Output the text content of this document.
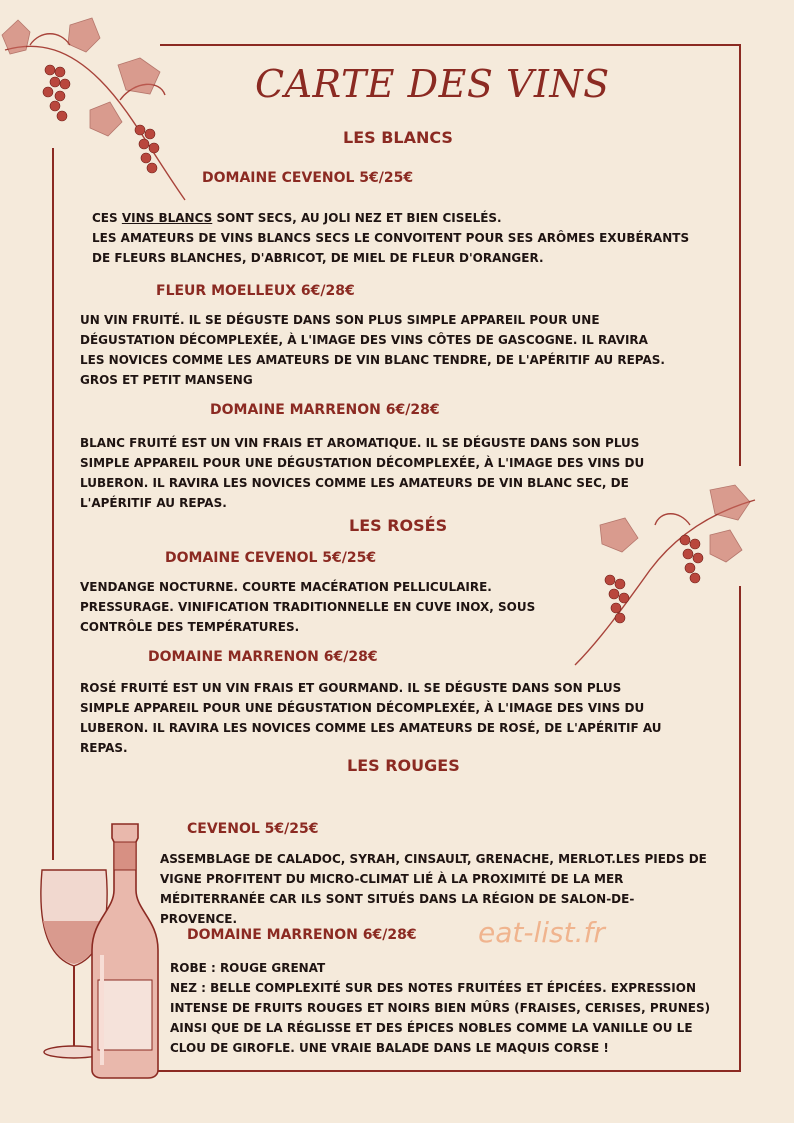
CARTE DES VINS
LES BLANCS
DOMAINE CEVENOL 5€/25€
CES VINS BLANCS SONT SECS, AU JOLI NEZ ET BIEN CISELÉS.
LES AMATEURS DE VINS BLANCS SECS LE CONVOITENT POUR SES ARÔMES EXUBÉRANTS
DE FLEURS BLANCHES, D'ABRICOT, DE MIEL DE FLEUR D'ORANGER.
FLEUR MOELLEUX 6€/28€
UN VIN FRUITÉ. IL SE DÉGUSTE DANS SON PLUS SIMPLE APPAREIL POUR UNE
DÉGUSTATION DÉCOMPLEXÉE, À L'IMAGE DES VINS CÔTES DE GASCOGNE. IL RAVIRA
LES NOVICES COMME LES AMATEURS DE VIN BLANC TENDRE, DE L'APÉRITIF AU REPAS.
GROS ET PETIT MANSENG
DOMAINE MARRENON 6€/28€
BLANC FRUITÉ EST UN VIN FRAIS ET AROMATIQUE. IL SE DÉGUSTE DANS SON PLUS
SIMPLE APPAREIL POUR UNE DÉGUSTATION DÉCOMPLEXÉE, À L'IMAGE DES VINS DU
LUBERON. IL RAVIRA LES NOVICES COMME LES AMATEURS DE VIN BLANC SEC, DE
L'APÉRITIF AU REPAS.
LES ROSÉS
DOMAINE CEVENOL 5€/25€
VENDANGE NOCTURNE. COURTE MACÉRATION PELLICULAIRE.
PRESSURAGE. VINIFICATION TRADITIONNELLE EN CUVE INOX, SOUS
CONTRÔLE DES TEMPÉRATURES.
DOMAINE MARRENON 6€/28€
ROSÉ FRUITÉ EST UN VIN FRAIS ET GOURMAND. IL SE DÉGUSTE DANS SON PLUS
SIMPLE APPAREIL POUR UNE DÉGUSTATION DÉCOMPLEXÉE, À L'IMAGE DES VINS DU
LUBERON. IL RAVIRA LES NOVICES COMME LES AMATEURS DE ROSÉ, DE L'APÉRITIF AU
REPAS.
LES ROUGES
CEVENOL 5€/25€
ASSEMBLAGE DE CALADOC, SYRAH, CINSAULT, GRENACHE, MERLOT.LES PIEDS DE
VIGNE PROFITENT DU MICRO-CLIMAT LIÉ À LA PROXIMITÉ DE LA MER
MÉDITERRANÉE CAR ILS SONT SITUÉS DANS LA RÉGION DE SALON-DE-
PROVENCE.
DOMAINE MARRENON 6€/28€ eat-list.fr
ROBE : ROUGE GRENAT
NEZ : BELLE COMPLEXITÉ SUR DES NOTES FRUITÉES ET ÉPICÉES. EXPRESSION
INTENSE DE FRUITS ROUGES ET NOIRS BIEN MÛRS (FRAISES, CERISES, PRUNES)
AINSI QUE DE LA RÉGLISSE ET DES ÉPICES NOBLES COMME LA VANILLE OU LE
CLOU DE GIROFLE. UNE VRAIE BALADE DANS LE MAQUIS CORSE !
